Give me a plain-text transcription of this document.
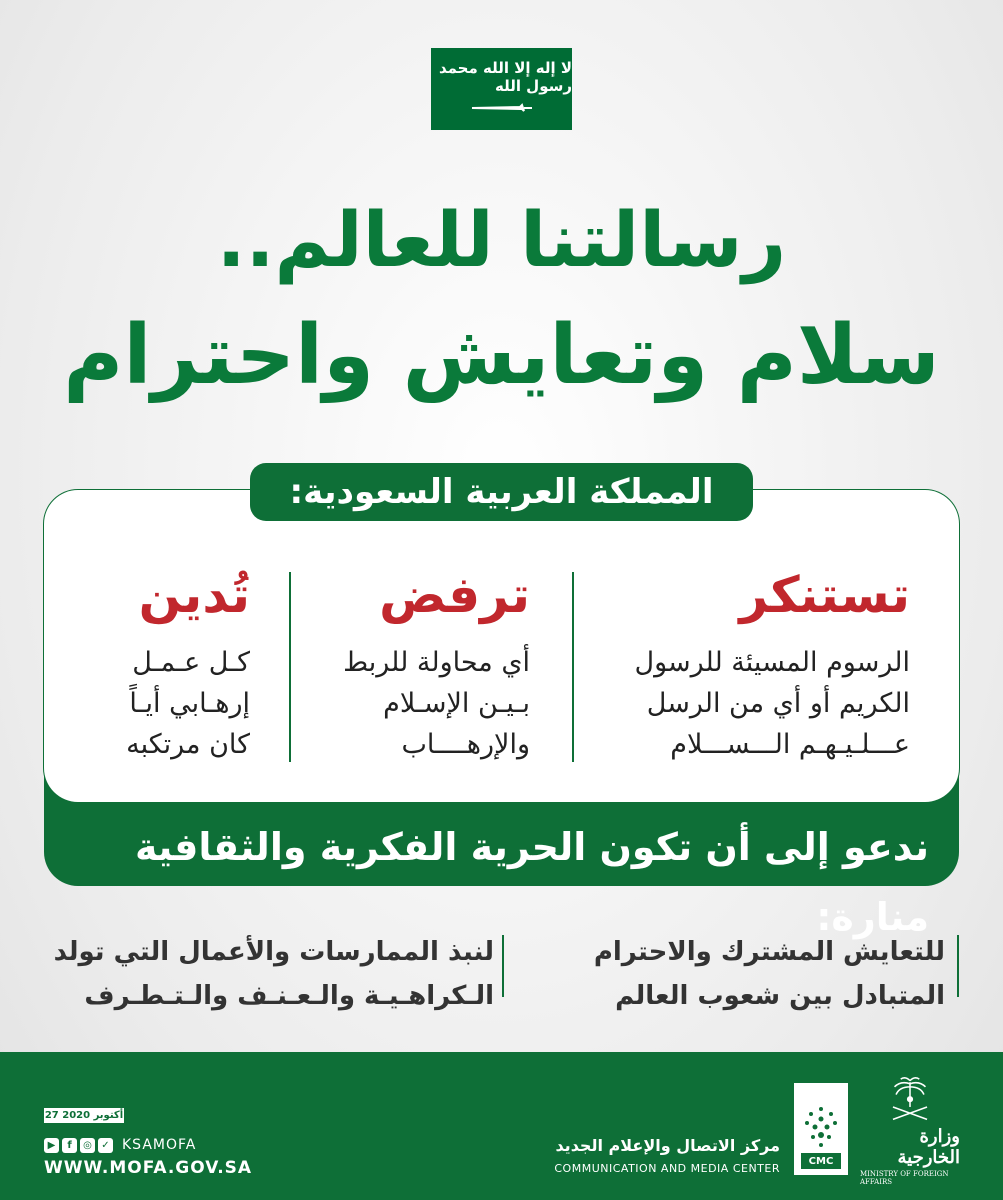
لا إله إلا الله محمد رسول الله
رسالتنا للعالم..
سلام وتعايش واحترام
المملكة العربية السعودية:
تستنكر
الرسوم المسيئة للرسول
الكريم أو أي من الرسل
عـــلـيـهـم الـــســـلام
ترفض
أي محاولة للربط
بـيـن الإسـلام
والإرهــــاب
تُدين
كـل عـمـل
إرهـابي أيـاً
كان مرتكبه
ندعو إلى أن تكون الحرية الفكرية والثقافية منارة:
للتعايش المشترك والاحترام
المتبادل بين شعوب العالم
لنبذ الممارسات والأعمال التي تولد
الـكراهـيـة والـعـنـف والـتـطـرف
27 أكتوبر 2020
▶	f	◎ ✓ KSAMOFA
WWW.MOFA.GOV.SA
مركز الاتصال والإعلام الجديد
COMMUNICATION AND MEDIA CENTER
CMC
وزارة الخارجية
MINISTRY OF FOREIGN AFFAIRS
